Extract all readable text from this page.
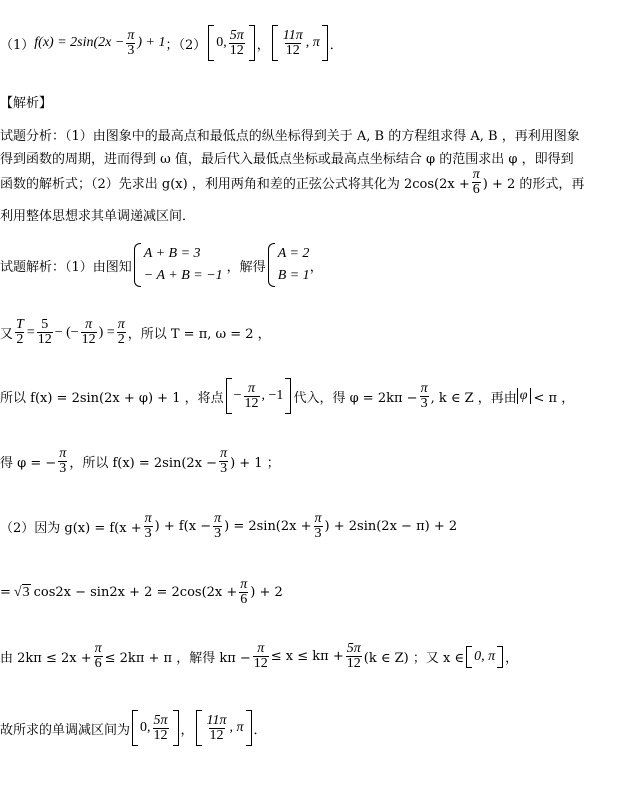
（1） $f(x) = 2\sin(2x - \frac{\pi}{3}$ ) + 1 ；（2） 0, $\frac{5\pi}{12}$ ， $\frac{11\pi}{12}$ , π ．
【解析】
试题分析：（1）由图象中的最高点和最低点的纵坐标得到关于 A, B 的方程组求得 A, B ，再利用图象
得到函数的周期，进而得到 ω 值，最后代入最低点坐标或最高点坐标结合 φ 的范围求出 φ ，即得到
函数的解析式；（2）先求出 g(x) ，利用两角和差的正弦公式将其化为 $2\cos(2x + \frac{\pi}{6}$ ) + 2 的形式，再
利用整体思想求其单调递减区间．
试题解析：（1）由图知
A + B = 3
− A + B = −1
，解得
A = 2
B = 1
，
又 $\frac{T}{2} = \frac{5}{12}$ − (− $\frac{\pi}{12}$ ) = $\frac{\pi}{2}$ ，所以 T = π, ω = 2 ，
所以 f(x) = 2sin(2x + φ) + 1 ，将点 − $\frac{\pi}{12}$ , −1 代入，得 $\varphi = 2k\pi - \frac{\pi}{3}$ , k ∈ Z ，再由 φ < π ，
得 φ = − $\frac{\pi}{3}$ ，所以 $f(x) = 2\sin(2x - \frac{\pi}{3}$ ) + 1 ；
（2）因为 $g(x) = f(x + \frac{\pi}{3}$ ) + $f(x - \frac{\pi}{3}$ ) = $2\sin(2x + \frac{\pi}{3}$ ) + 2sin(2x − π) + 2
= √ 3 $\cos 2x - \sin 2x + 2 = 2\cos(2x + \frac{\pi}{6}$ ) + 2
由 $2k\pi \le 2x + \frac{\pi}{6} \le 2k\pi + \pi$ ，解得 $k\pi - \frac{\pi}{12} \le x \le k\pi + \frac{5\pi}{12} (k$ ∈ Z) ；又 x ∈ 0, π ，
故所求的单调减区间为 0, $\frac{5\pi}{12}$ ， $\frac{11\pi}{12}$ , π ．
